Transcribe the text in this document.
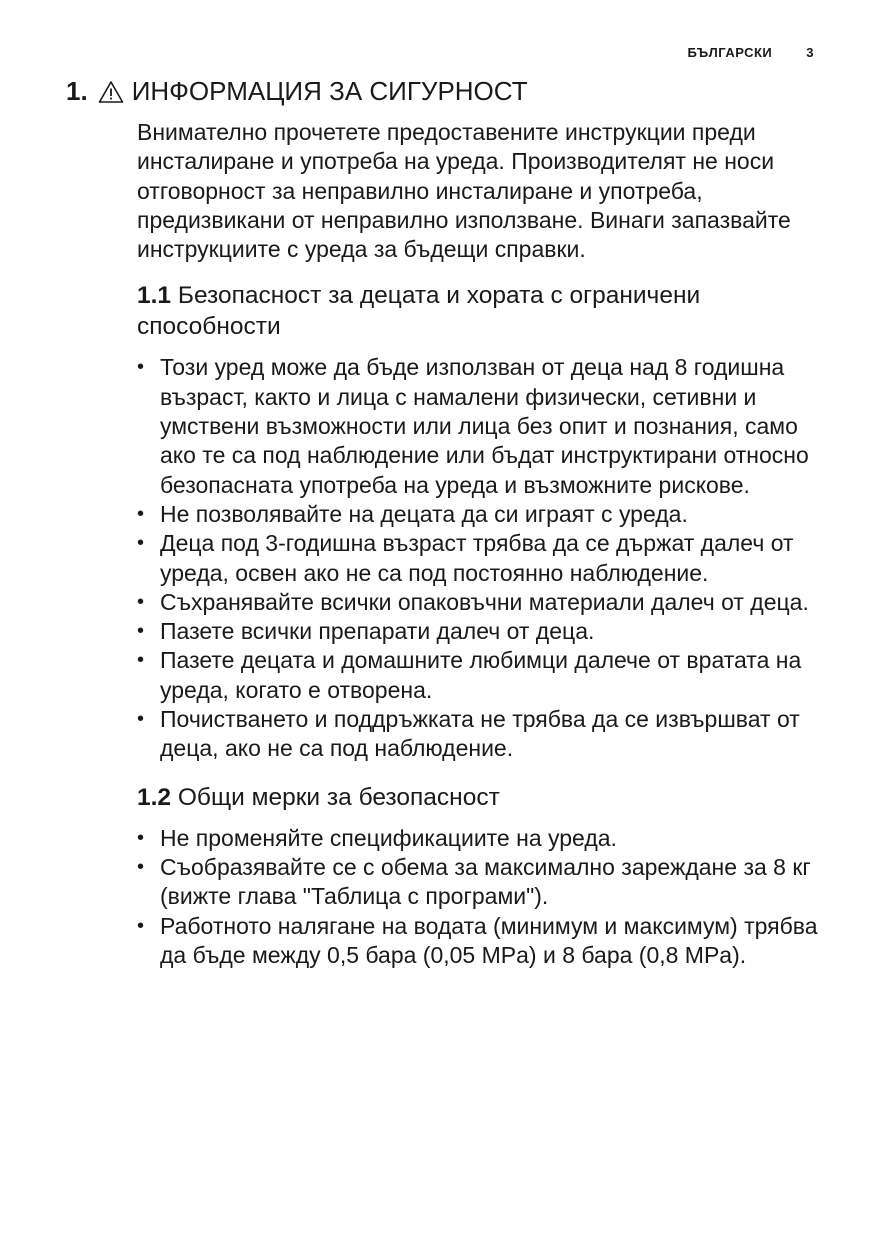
БЪЛГАРСКИ	3
1. ИНФОРМАЦИЯ ЗА СИГУРНОСТ

Внимателно прочетете предоставените инструкции преди инсталиране и употреба на уреда. Производителят не носи отговорност за неправилно инсталиране и употреба, предизвикани от неправилно използване. Винаги запазвайте инструкциите с уреда за бъдещи справки.

1.1 Безопасност за децата и хората с ограничени способности
• Този уред може да бъде използван от деца над 8 годишна възраст, както и лица с намалени физически, сетивни и умствени възможности или лица без опит и познания, само ако те са под наблюдение или бъдат инструктирани относно безопасната употреба на уреда и възможните рискове.
• Не позволявайте на децата да си играят с уреда.
• Деца под 3-годишна възраст трябва да се държат далеч от уреда, освен ако не са под постоянно наблюдение.
• Съхранявайте всички опаковъчни материали далеч от деца.
• Пазете всички препарати далеч от деца.
• Пазете децата и домашните любимци далече от вратата на уреда, когато е отворена.
• Почистването и поддръжката не трябва да се извършват от деца, ако не са под наблюдение.
1.2 Общи мерки за безопасност
• Не променяйте спецификациите на уреда.
• Съобразявайте се с обема за максимално зареждане за 8 кг (вижте глава "Таблица с програми").
• Работното налягане на водата (минимум и максимум) трябва да бъде между 0,5 бара (0,05 MPa) и 8 бара (0,8 MPa).
